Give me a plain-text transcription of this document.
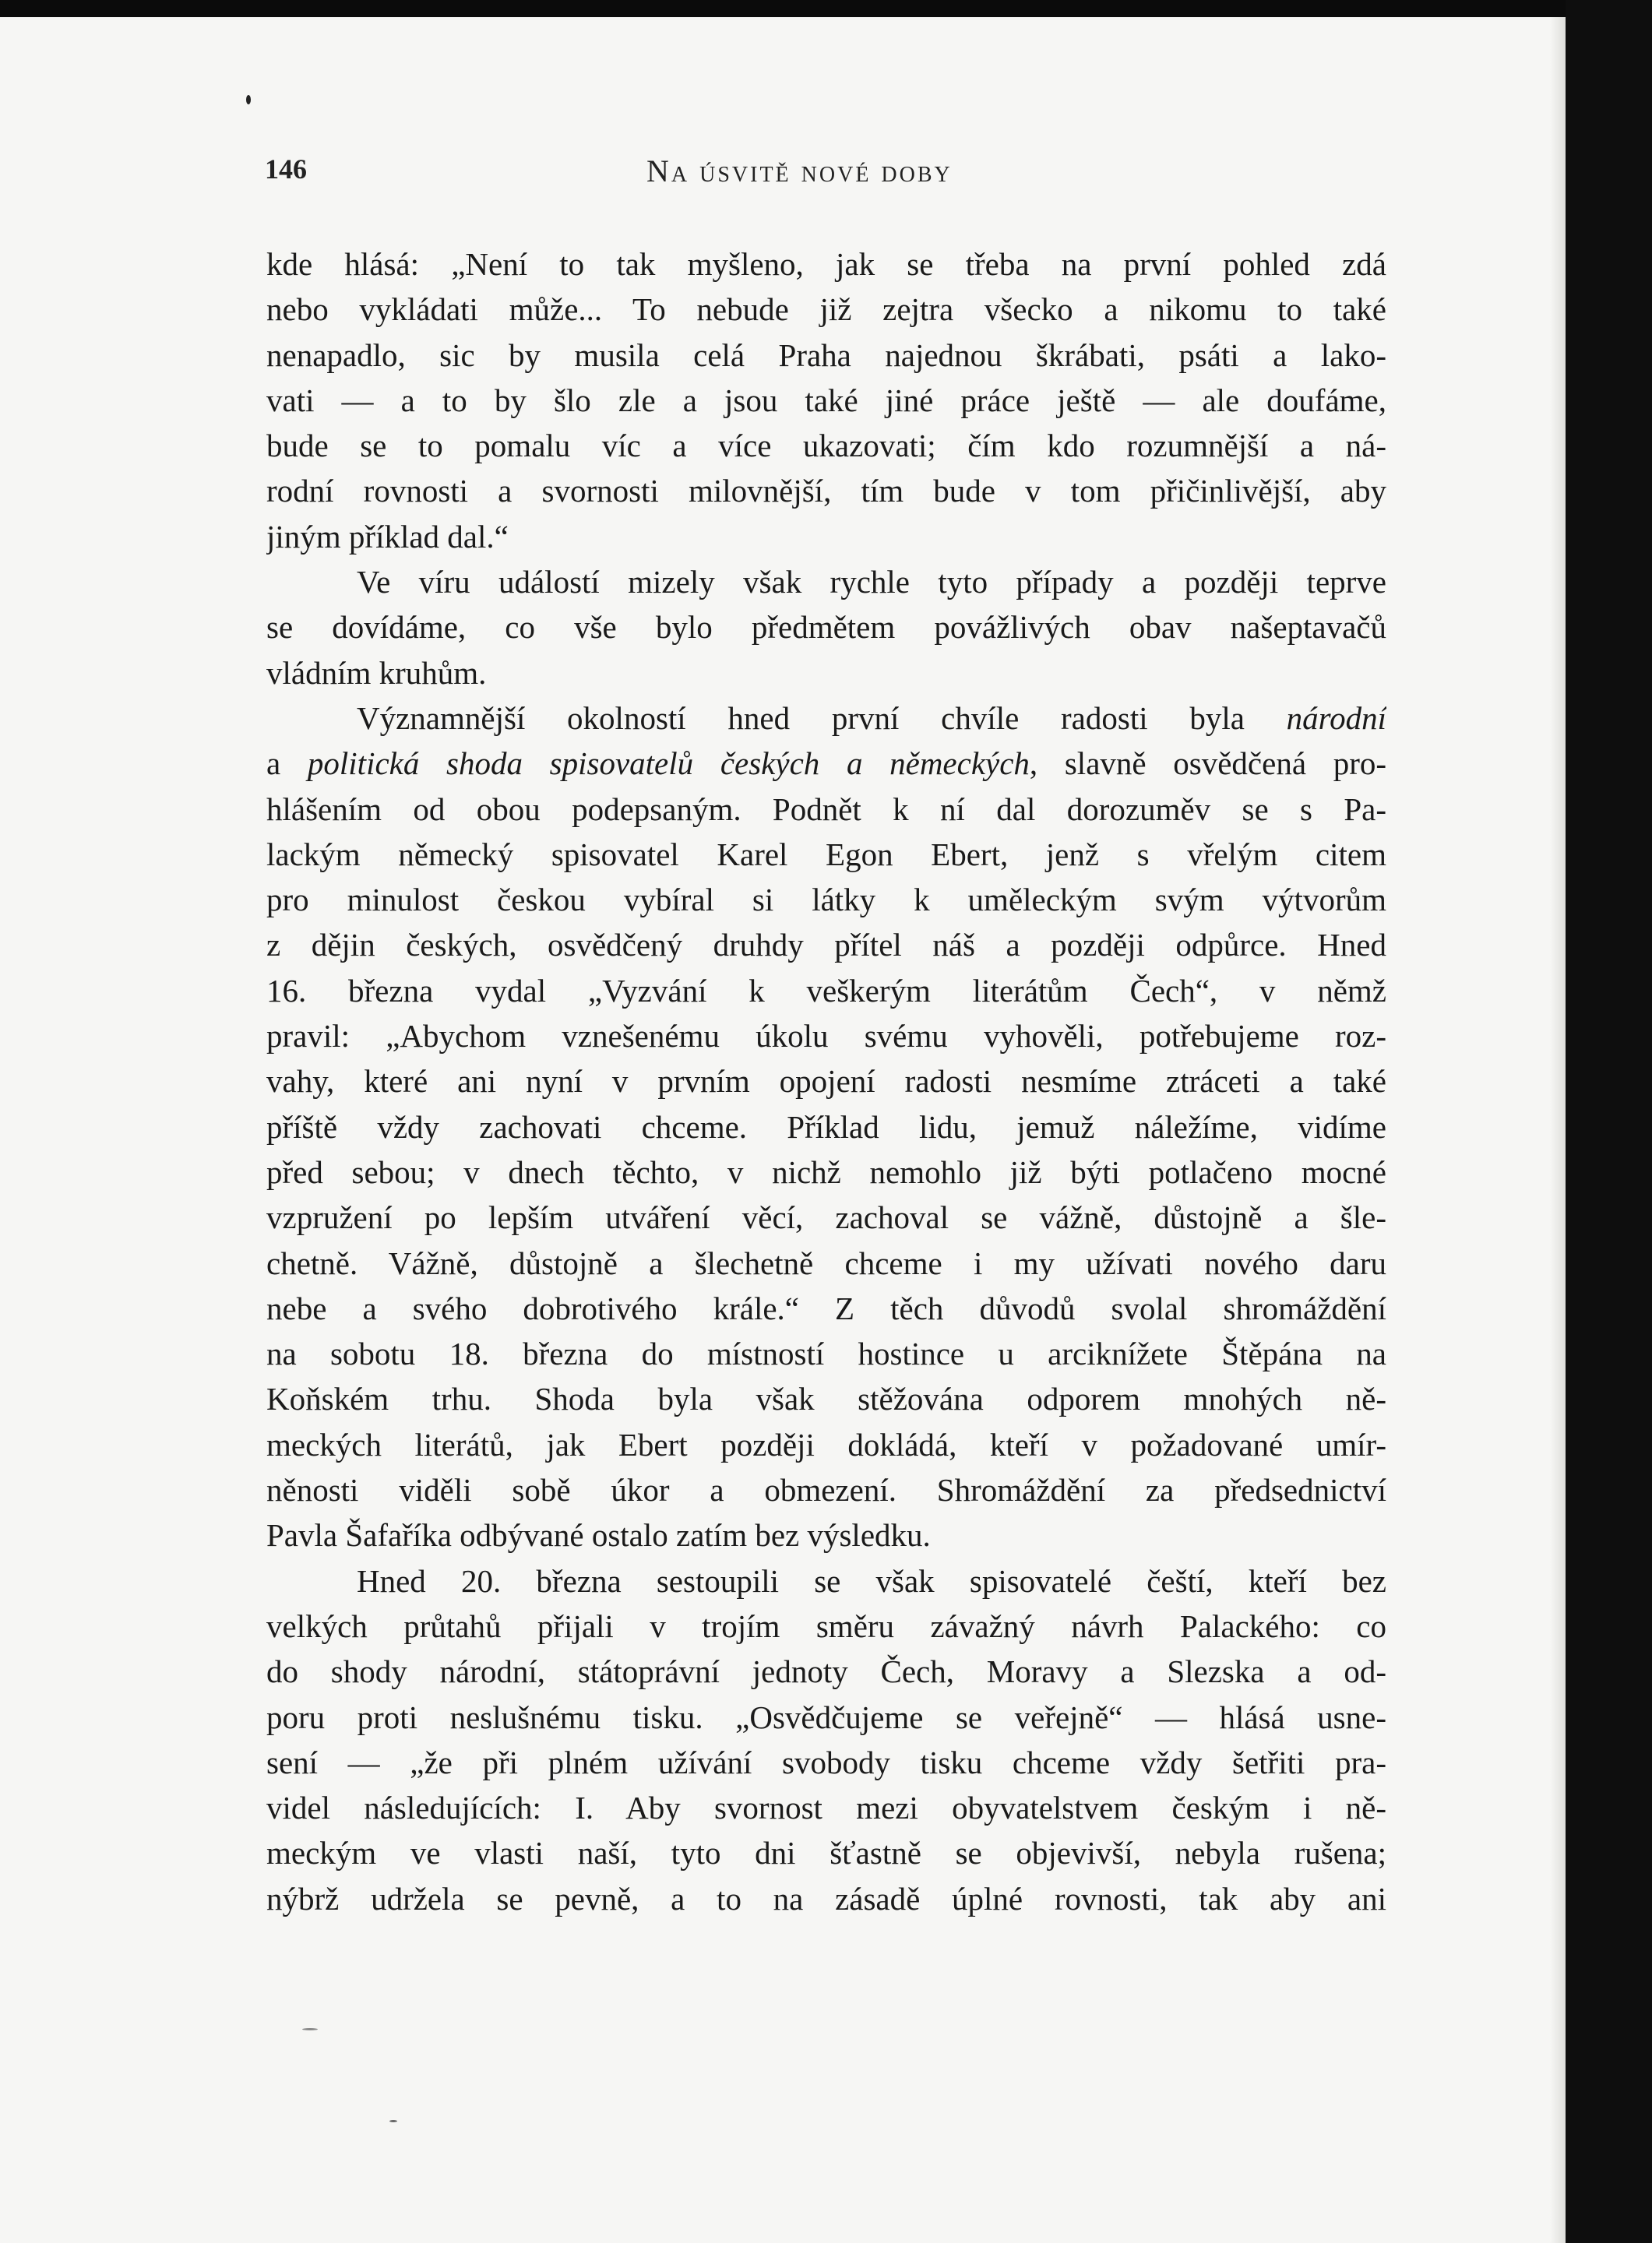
146	Na úsvitě nové doby
kde hlásá: „Není to tak myšleno, jak se třeba na první pohled zdá
nebo vykládati může... To nebude již zejtra všecko a nikomu to také
nenapadlo, sic by musila celá Praha najednou škrábati, psáti a lako-
vati — a to by šlo zle a jsou také jiné práce ještě — ale doufáme,
bude se to pomalu víc a více ukazovati; čím kdo rozumnější a ná-
rodní rovnosti a svornosti milovnější, tím bude v tom přičinlivější, aby
jiným příklad dal.“
Ve víru událostí mizely však rychle tyto případy a později teprve
se dovídáme, co vše bylo předmětem povážlivých obav našeptavačů
vládním kruhům.
Významnější okolností hned první chvíle radosti byla národní
a politická shoda spisovatelů českých a německých, slavně osvědčená pro-
hlášením od obou podepsaným. Podnět k ní dal dorozuměv se s Pa-
lackým německý spisovatel Karel Egon Ebert, jenž s vřelým citem
pro minulost českou vybíral si látky k uměleckým svým výtvorům
z dějin českých, osvědčený druhdy přítel náš a později odpůrce. Hned
16. března vydal „Vyzvání k veškerým literátům Čech“, v němž
pravil: „Abychom vznešenému úkolu svému vyhověli, potřebujeme roz-
vahy, které ani nyní v prvním opojení radosti nesmíme ztráceti a také
příště vždy zachovati chceme. Příklad lidu, jemuž náležíme, vidíme
před sebou; v dnech těchto, v nichž nemohlo již býti potlačeno mocné
vzpružení po lepším utváření věcí, zachoval se vážně, důstojně a šle-
chetně. Vážně, důstojně a šlechetně chceme i my užívati nového daru
nebe a svého dobrotivého krále.“ Z těch důvodů svolal shromáždění
na sobotu 18. března do místností hostince u arciknížete Štěpána na
Koňském trhu. Shoda byla však stěžována odporem mnohých ně-
meckých literátů, jak Ebert později dokládá, kteří v požadované umír-
něnosti viděli sobě úkor a obmezení. Shromáždění za předsednictví
Pavla Šafaříka odbývané ostalo zatím bez výsledku.
Hned 20. března sestoupili se však spisovatelé čeští, kteří bez
velkých průtahů přijali v trojím směru závažný návrh Palackého: co
do shody národní, státoprávní jednoty Čech, Moravy a Slezska a od-
poru proti neslušnému tisku. „Osvědčujeme se veřejně“ — hlásá usne-
sení — „že při plném užívání svobody tisku chceme vždy šetřiti pra-
videl následujících: I. Aby svornost mezi obyvatelstvem českým i ně-
meckým ve vlasti naší, tyto dni šťastně se objevivší, nebyla rušena;
nýbrž udržela se pevně, a to na zásadě úplné rovnosti, tak aby ani
